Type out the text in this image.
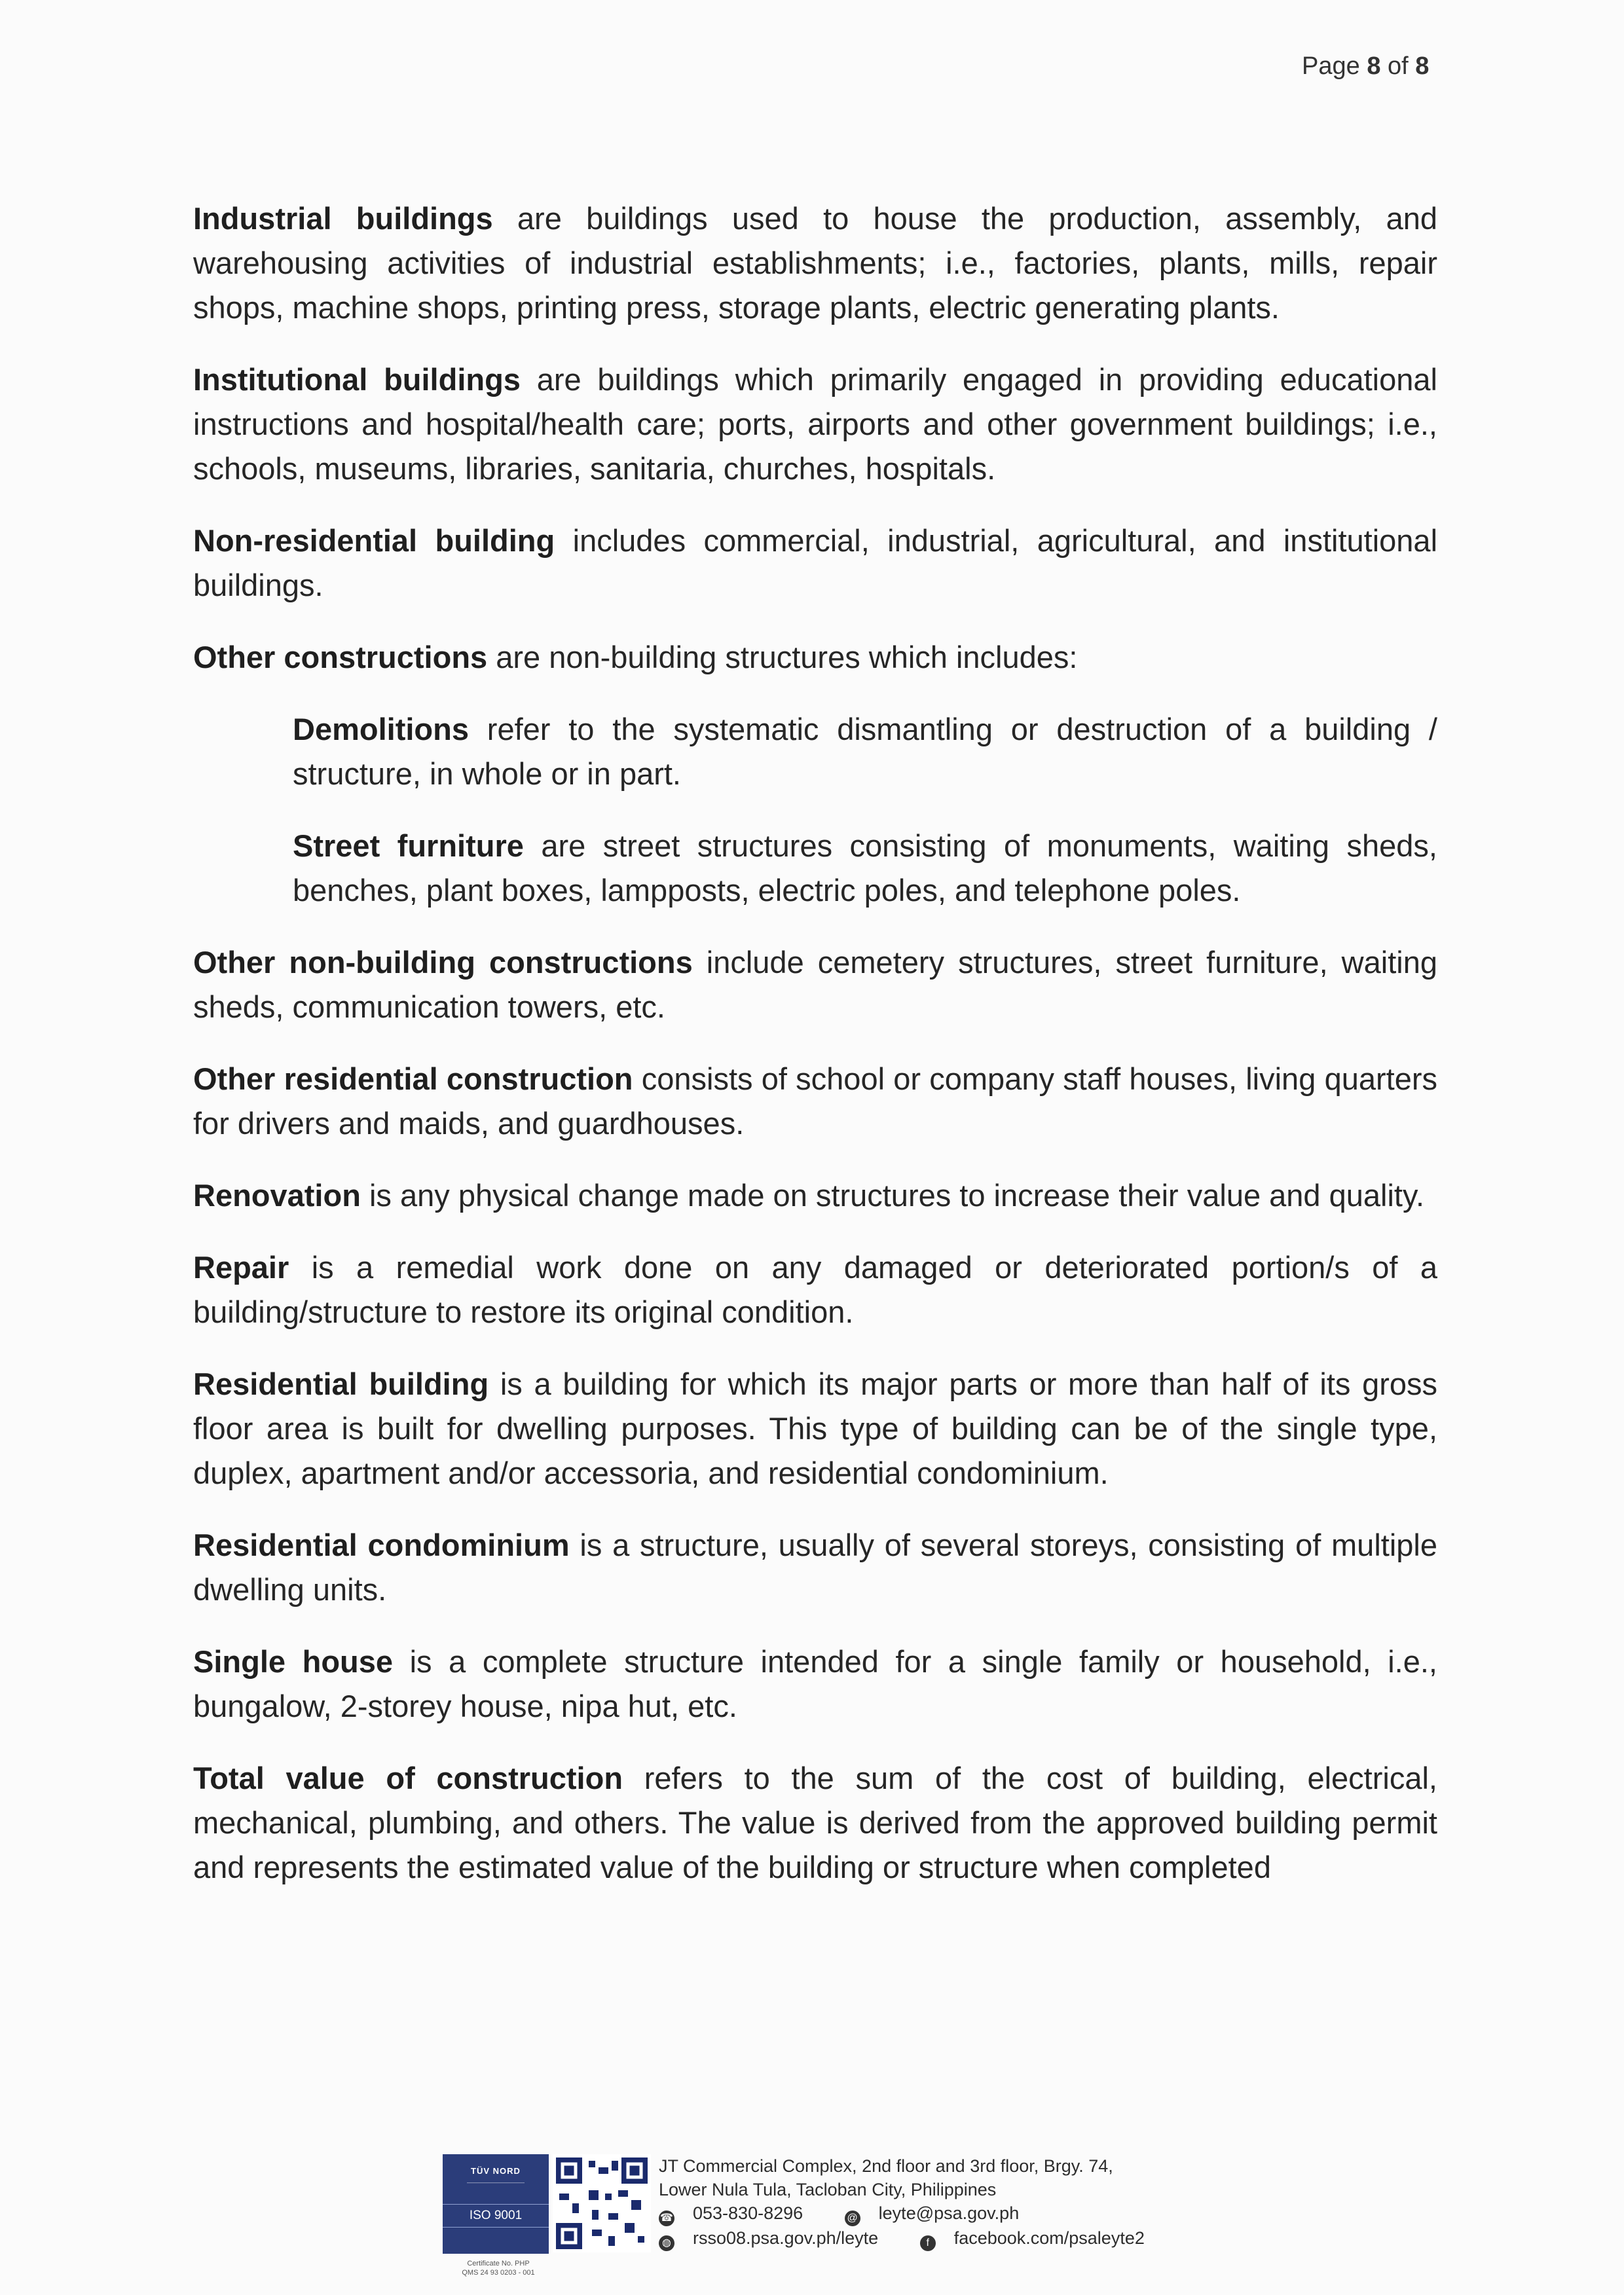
Page 8 of 8

Industrial buildings are buildings used to house the production, assembly, and warehousing activities of industrial establishments; i.e., factories, plants, mills, repair shops, machine shops, printing press, storage plants, electric generating plants.

Institutional buildings are buildings which primarily engaged in providing educational instructions and hospital/health care; ports, airports and other government buildings; i.e., schools, museums, libraries, sanitaria, churches, hospitals.

Non-residential building includes commercial, industrial, agricultural, and institutional buildings.

Other constructions are non-building structures which includes:

Demolitions refer to the systematic dismantling or destruction of a building / structure, in whole or in part.

Street furniture are street structures consisting of monuments, waiting sheds, benches, plant boxes, lampposts, electric poles, and telephone poles.

Other non-building constructions include cemetery structures, street furniture, waiting sheds, communication towers, etc.

Other residential construction consists of school or company staff houses, living quarters for drivers and maids, and guardhouses.

Renovation is any physical change made on structures to increase their value and quality.

Repair is a remedial work done on any damaged or deteriorated portion/s of a building/structure to restore its original condition.

Residential building is a building for which its major parts or more than half of its gross floor area is built for dwelling purposes. This type of building can be of the single type, duplex, apartment and/or accessoria, and residential condominium.

Residential condominium is a structure, usually of several storeys, consisting of multiple dwelling units.

Single house is a complete structure intended for a single family or household, i.e., bungalow, 2-storey house, nipa hut, etc.

Total value of construction refers to the sum of the cost of building, electrical, mechanical, plumbing, and others. The value is derived from the approved building permit and represents the estimated value of the building or structure when completed

TÜV NORD
———————————
ISO 9001
Certificate No. PHP
QMS 24 93 0203 - 001
JT Commercial Complex, 2nd floor and 3rd floor, Brgy. 74,
Lower Nula Tula, Tacloban City, Philippines
☎ 053-830-8296	@ leyte@psa.gov.ph
◍ rsso08.psa.gov.ph/leyte	f facebook.com/psaleyte2
